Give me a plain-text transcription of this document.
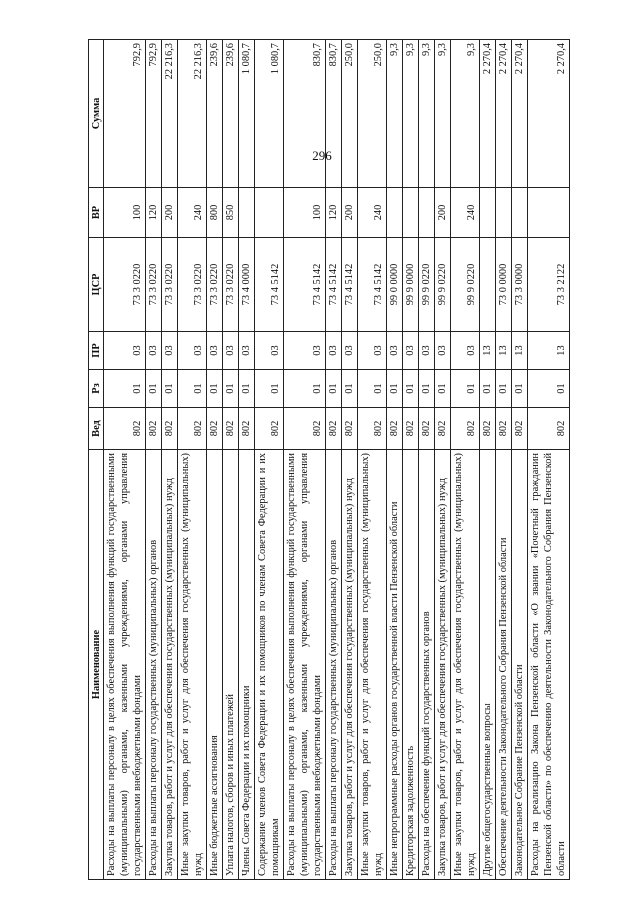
296
Наименование	Вед	Рз	ПР	ЦСР	ВР	Сумма
Расходы на выплаты персоналу в целях обеспечения выполнения функций государственными (муниципальными) органами, казенными учреждениями, органами управления государственными внебюджетными фондами	802	01	03	73 3 0220	100	792,9
Расходы на выплаты персоналу государственных (муниципальных) органов	802	01	03	73 3 0220	120	792,9
Закупка товаров, работ и услуг для обеспечения государственных (муниципальных) нужд	802	01	03	73 3 0220	200	22 216,3
Иные закупки товаров, работ и услуг для обеспечения государственных (муниципальных) нужд	802	01	03	73 3 0220	240	22 216,3
Иные бюджетные ассигнования	802	01	03	73 3 0220	800	239,6
Уплата налогов, сборов и иных платежей	802	01	03	73 3 0220	850	239,6
Члены Совета Федерации и их помощники	802	01	03	73 4 0000		1 080,7
Содержание членов Совета Федерации и их помощников по членам Совета Федерации и их помощникам	802	01	03	73 4 5142		1 080,7
Расходы на выплаты персоналу в целях обеспечения выполнения функций государственными (муниципальными) органами, казенными учреждениями, органами управления государственными внебюджетными фондами	802	01	03	73 4 5142	100	830,7
Расходы на выплаты персоналу государственных (муниципальных) органов	802	01	03	73 4 5142	120	830,7
Закупка товаров, работ и услуг для обеспечения государственных (муниципальных) нужд	802	01	03	73 4 5142	200	250,0
Иные закупки товаров, работ и услуг для обеспечения государственных (муниципальных) нужд	802	01	03	73 4 5142	240	250,0
Иные непрограммные расходы органов государственной власти Пензенской области	802	01	03	99 0 0000		9,3
Кредиторская задолженность	802	01	03	99 9 0000		9,3
Расходы на обеспечение функций государственных органов	802	01	03	99 9 0220		9,3
Закупка товаров, работ и услуг для обеспечения государственных (муниципальных) нужд	802	01	03	99 9 0220	200	9,3
Иные закупки товаров, работ и услуг для обеспечения государственных (муниципальных) нужд	802	01	03	99 9 0220	240	9,3
Другие общегосударственные вопросы	802	01	13			2 270,4
Обеспечение деятельности Законодательного Собрания Пензенской области	802	01	13	73 0 0000		2 270,4
Законодательное Собрание Пензенской области	802	01	13	73 3 0000		2 270,4
Расходы на реализацию Закона Пензенской области «О звании «Почетный гражданин Пензенской области» по обеспечению деятельности Законодательного Собрания Пензенской области	802	01	13	73 3 2122		2 270,4
